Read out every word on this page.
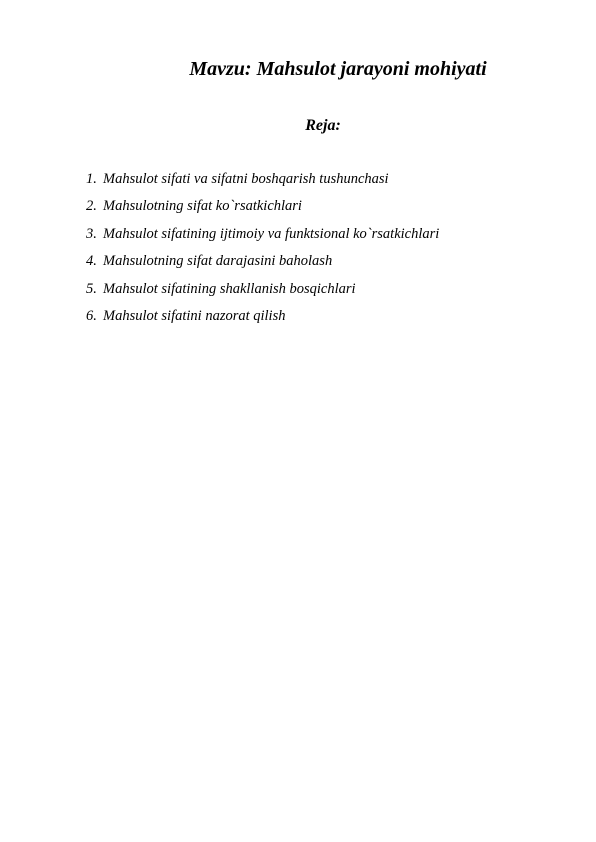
Mavzu: Mahsulot jarayoni mohiyati
Reja:
1. Mahsulot sifati va sifatni boshqarish tushunchasi
2. Mahsulotning sifat ko`rsatkichlari
3. Mahsulot sifatining ijtimoiy va funktsional ko`rsatkichlari
4. Mahsulotning sifat darajasini baholash
5. Mahsulot sifatining shakllanish bosqichlari
6. Mahsulot sifatini nazorat qilish
